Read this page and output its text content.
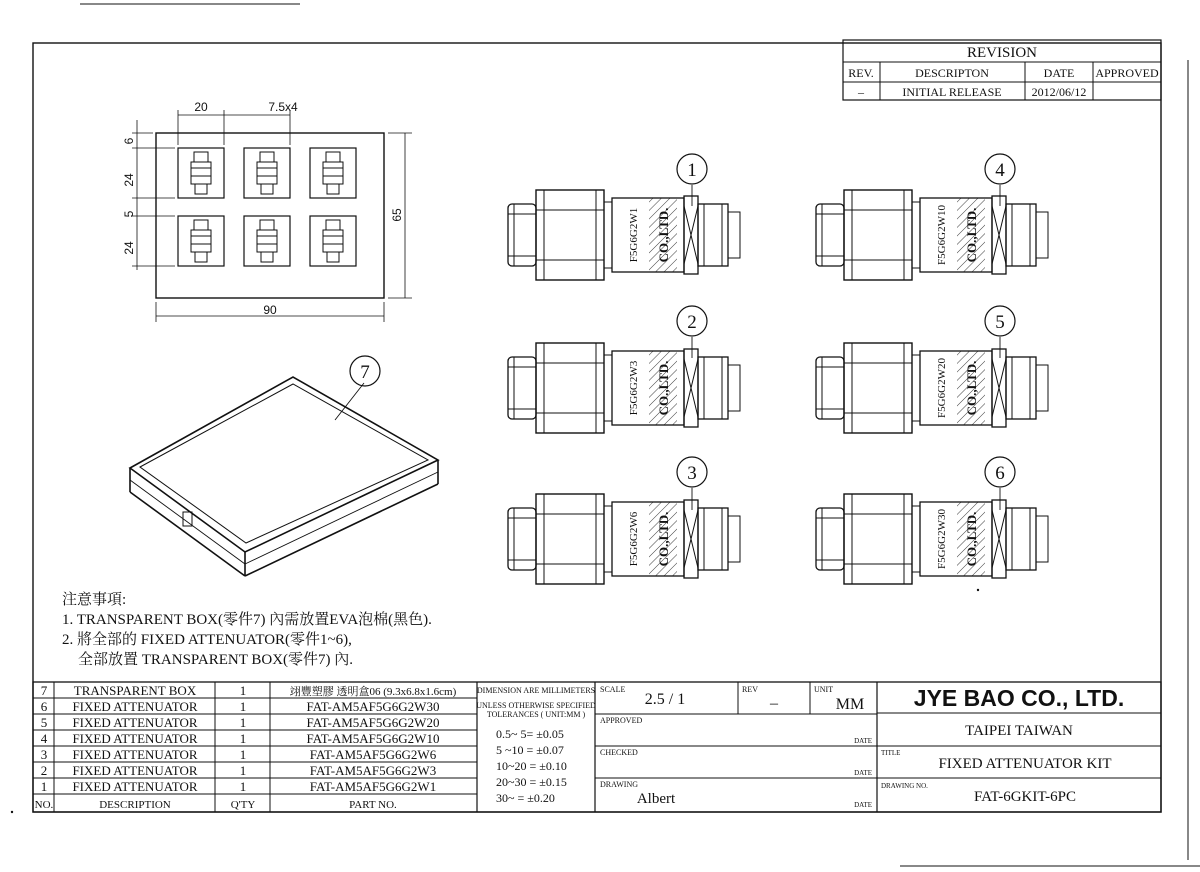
REVISION
REV.	DESCRIPTON	DATE APPROVED
–	INITIAL RELEASE	2012/06/12
20	7.5x4
6
24
5
24
65
90
1
2
3
4
5
6
7
F5G6G2W1 CO.,LTD.
F5G6G2W3 CO.,LTD.
F5G6G2W6 CO.,LTD.
F5G6G2W10 CO.,LTD.
F5G6G2W20 CO.,LTD.
F5G6G2W30 CO.,LTD.
注意事項:
1. TRANSPARENT BOX(零件7) 內需放置EVA泡棉(黑色).
2. 將全部的 FIXED ATTENUATOR(零件1~6),
全部放置 TRANSPARENT BOX(零件7) 內.
7 TRANSPARENT BOX	1	翊豐塑膠 透明盒06 (9.3x6.8x1.6cm)
6 FIXED ATTENUATOR	1	FAT-AM5AF5G6G2W30
5 FIXED ATTENUATOR	1	FAT-AM5AF5G6G2W20
4 FIXED ATTENUATOR	1	FAT-AM5AF5G6G2W10
3 FIXED ATTENUATOR	1	FAT-AM5AF5G6G2W6
2 FIXED ATTENUATOR	1	FAT-AM5AF5G6G2W3
1 FIXED ATTENUATOR	1	FAT-AM5AF5G6G2W1
NO.	DESCRIPTION	Q'TY	PART NO.
DIMENSION ARE MILLIMETERS
UNLESS OTHERWISE SPECIFIED
TOLERANCES ( UNIT:MM )
0.5~ 5= ±0.05
5 ~10 = ±0.07
10~20 = ±0.10
20~30 = ±0.15
30~ = ±0.20
SCALE
2.5 / 1
REV
–
UNIT
MM
APPROVED
DATE
CHECKED
DATE
DRAWING
Albert	DATE
JYE BAO CO., LTD.
TAIPEI TAIWAN
TITLE
FIXED ATTENUATOR KIT
DRAWING NO.
FAT-6GKIT-6PC
